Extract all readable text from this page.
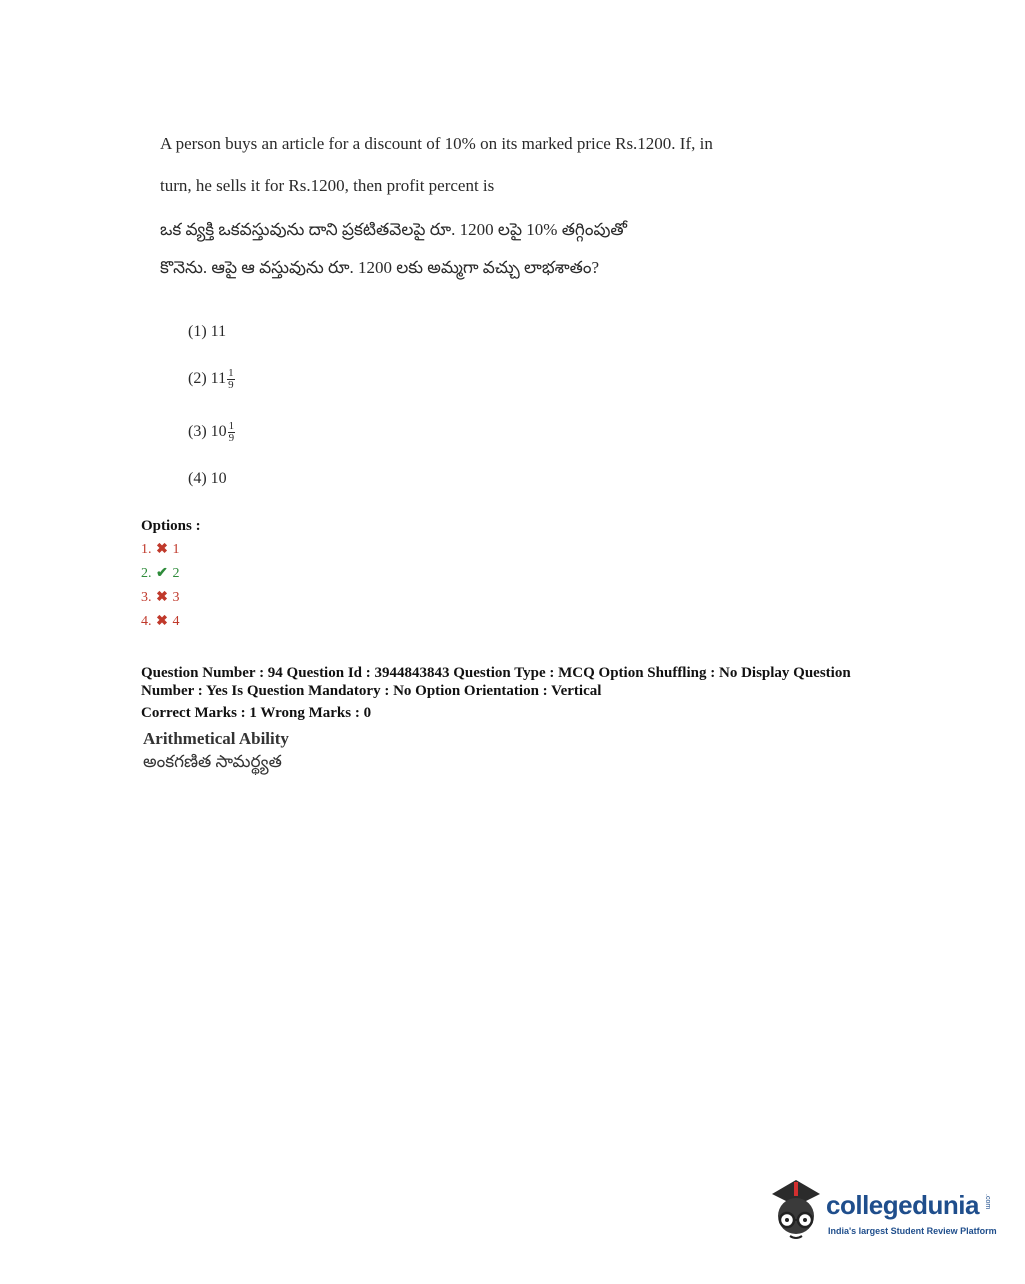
A person buys an article for a discount of 10% on its marked price Rs.1200. If, in
turn, he sells it for Rs.1200, then profit percent is
ఒక వ్యక్తి ఒకవస్తువును దాని ప్రకటితవెలపై రూ. 1200 లపై 10% తగ్గింపుతో
కొనెను. ఆపై ఆ వస్తువును రూ. 1200 లకు అమ్మగా వచ్చు లాభశాతం?
(1) 11
(2) $11 \frac{1}{9}$
(3) $10 \frac{1}{9}$
(4) 10
Options :
1. ✖ 1
2. ✔ 2
3. ✖ 3
4. ✖ 4
Question Number : 94 Question Id : 3944843843 Question Type : MCQ Option Shuffling : No Display Question
Number : Yes Is Question Mandatory : No Option Orientation : Vertical
Correct Marks : 1 Wrong Marks : 0
Arithmetical Ability
అంకగణిత సామర్థ్యత
collegedunia .com
India's largest Student Review Platform
